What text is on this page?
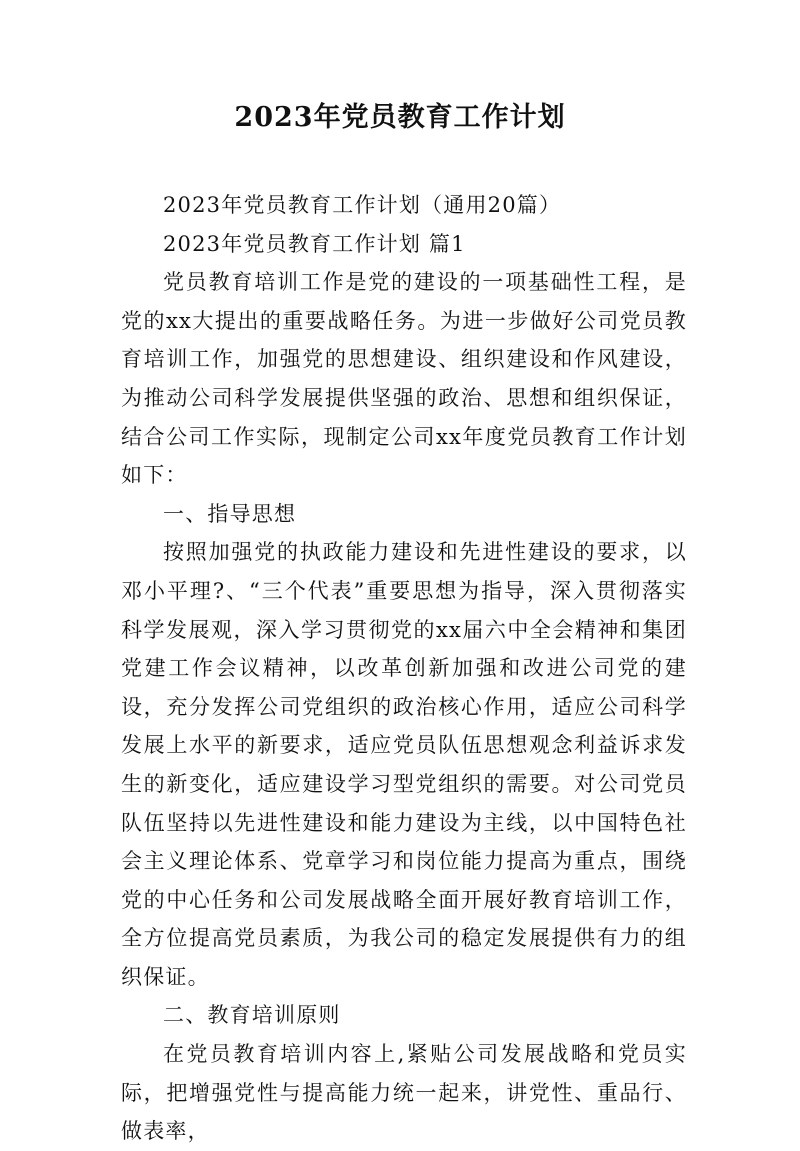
2023年党员教育工作计划

2023年党员教育工作计划（通用20篇）

2023年党员教育工作计划 篇1

党员教育培训工作是党的建设的一项基础性工程，是党的xx大提出的重要战略任务。为进一步做好公司党员教育培训工作，加强党的思想建设、组织建设和作风建设，为推动公司科学发展提供坚强的政治、思想和组织保证，结合公司工作实际，现制定公司xx年度党员教育工作计划如下：

一、指导思想

按照加强党的执政能力建设和先进性建设的要求，以邓小平理?、“三个代表”重要思想为指导，深入贯彻落实科学发展观，深入学习贯彻党的xx届六中全会精神和集团党建工作会议精神，以改革创新加强和改进公司党的建设，充分发挥公司党组织的政治核心作用，适应公司科学发展上水平的新要求，适应党员队伍思想观念利益诉求发生的新变化，适应建设学习型党组织的需要。对公司党员队伍坚持以先进性建设和能力建设为主线，以中国特色社会主义理论体系、党章学习和岗位能力提高为重点，围绕党的中心任务和公司发展战略全面开展好教育培训工作，全方位提高党员素质，为我公司的稳定发展提供有力的组织保证。

二、教育培训原则

在党员教育培训内容上,紧贴公司发展战略和党员实际，把增强党性与提高能力统一起来，讲党性、重品行、做表率，
